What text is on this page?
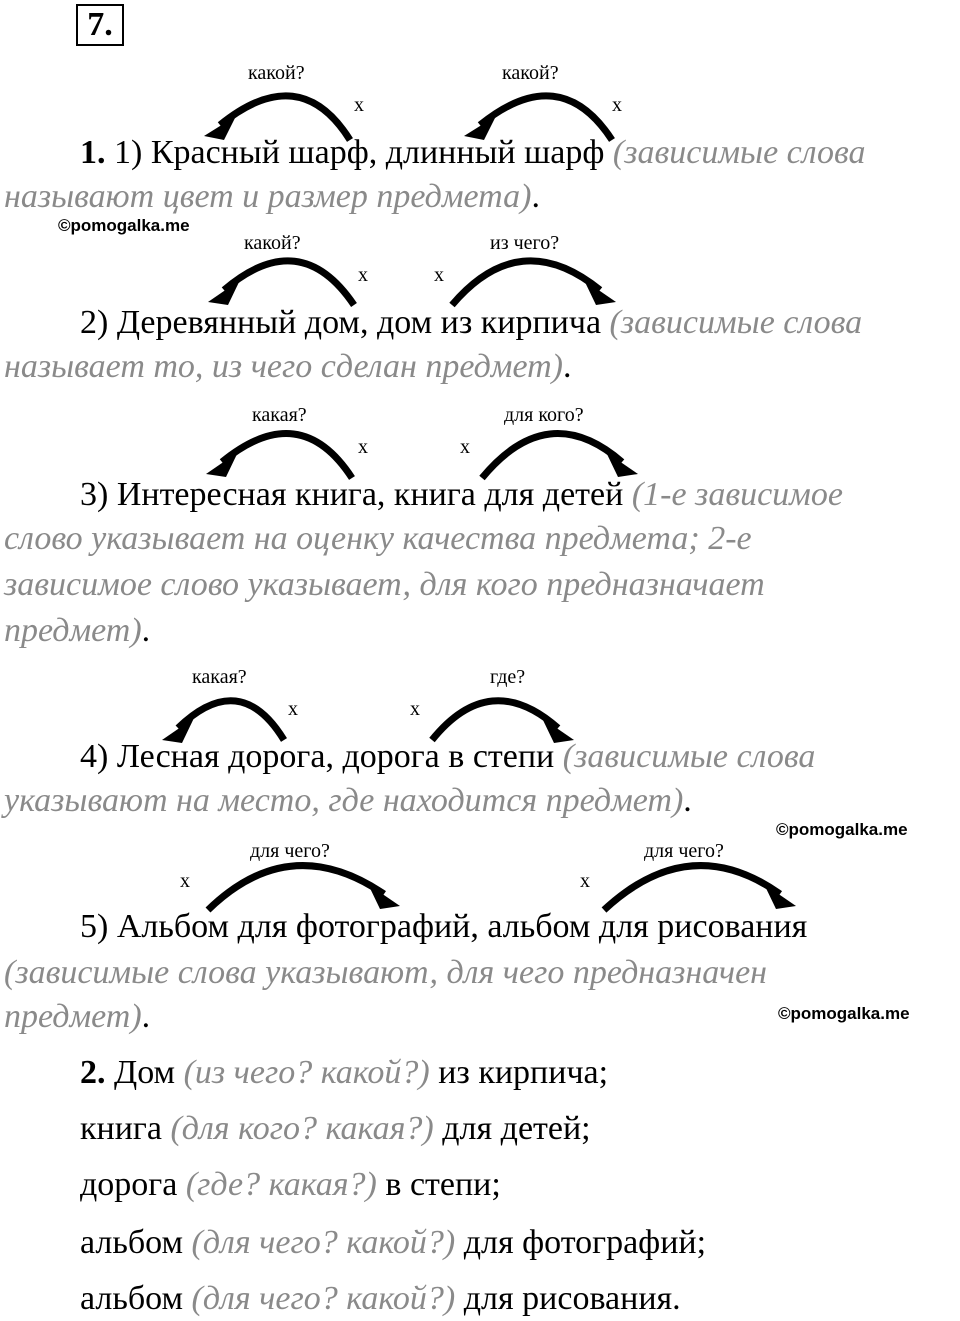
7.
какой?
x
какой?
x
1. 1) Красный шарф, длинный шарф (зависимые слова
называют цвет и размер предмета).
©pomogalka.me
какой?
x	x
из чего?
2) Деревянный дом, дом из кирпича (зависимые слова
называет то, из чего сделан предмет).
какая?
x	x
для кого?
3) Интересная книга, книга для детей (1-е зависимое
слово указывает на оценку качества предмета; 2-е
зависимое слово указывает, для кого предназначает
предмет).
какая?
x	x
где?
4) Лесная дорога, дорога в степи (зависимые слова
указывают на место, где находится предмет).
©pomogalka.me
для чего?
x
для чего?
x
5) Альбом для фотографий, альбом для рисования
(зависимые слова указывают, для чего предназначен
предмет).	©pomogalka.me
2. Дом (из чего? какой?) из кирпича;
книга (для кого? какая?) для детей;
дорога (где? какая?) в степи;
альбом (для чего? какой?) для фотографий;
альбом (для чего? какой?) для рисования.
